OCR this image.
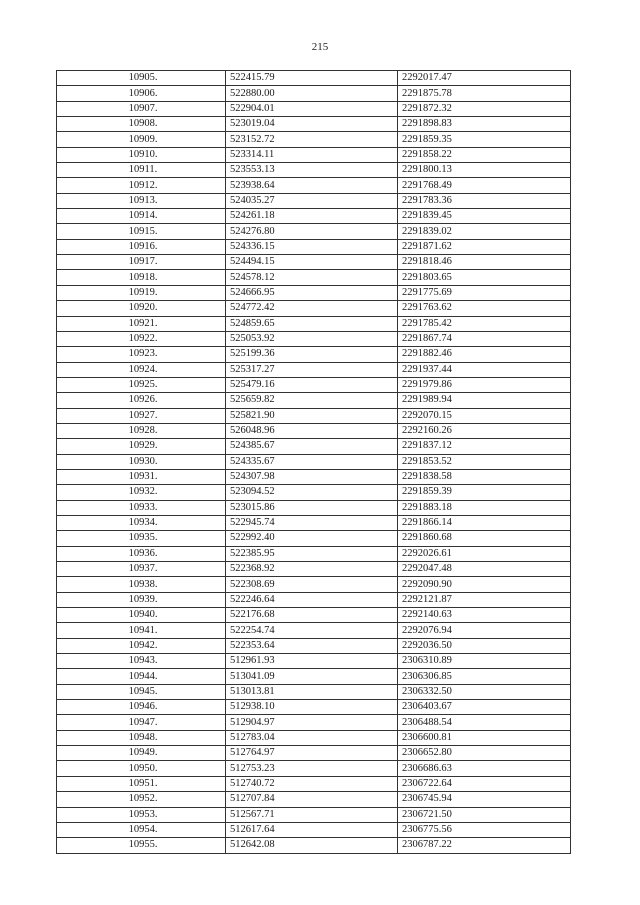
215
10905.	522415.79	2292017.47
10906.	522880.00	2291875.78
10907.	522904.01	2291872.32
10908.	523019.04	2291898.83
10909.	523152.72	2291859.35
10910.	523314.11	2291858.22
10911.	523553.13	2291800.13
10912.	523938.64	2291768.49
10913.	524035.27	2291783.36
10914.	524261.18	2291839.45
10915.	524276.80	2291839.02
10916.	524336.15	2291871.62
10917.	524494.15	2291818.46
10918.	524578.12	2291803.65
10919.	524666.95	2291775.69
10920.	524772.42	2291763.62
10921.	524859.65	2291785.42
10922.	525053.92	2291867.74
10923.	525199.36	2291882.46
10924.	525317.27	2291937.44
10925.	525479.16	2291979.86
10926.	525659.82	2291989.94
10927.	525821.90	2292070.15
10928.	526048.96	2292160.26
10929.	524385.67	2291837.12
10930.	524335.67	2291853.52
10931.	524307.98	2291838.58
10932.	523094.52	2291859.39
10933.	523015.86	2291883.18
10934.	522945.74	2291866.14
10935.	522992.40	2291860.68
10936.	522385.95	2292026.61
10937.	522368.92	2292047.48
10938.	522308.69	2292090.90
10939.	522246.64	2292121.87
10940.	522176.68	2292140.63
10941.	522254.74	2292076.94
10942.	522353.64	2292036.50
10943.	512961.93	2306310.89
10944.	513041.09	2306306.85
10945.	513013.81	2306332.50
10946.	512938.10	2306403.67
10947.	512904.97	2306488.54
10948.	512783.04	2306600.81
10949.	512764.97	2306652.80
10950.	512753.23	2306686.63
10951.	512740.72	2306722.64
10952.	512707.84	2306745.94
10953.	512567.71	2306721.50
10954.	512617.64	2306775.56
10955.	512642.08	2306787.22
